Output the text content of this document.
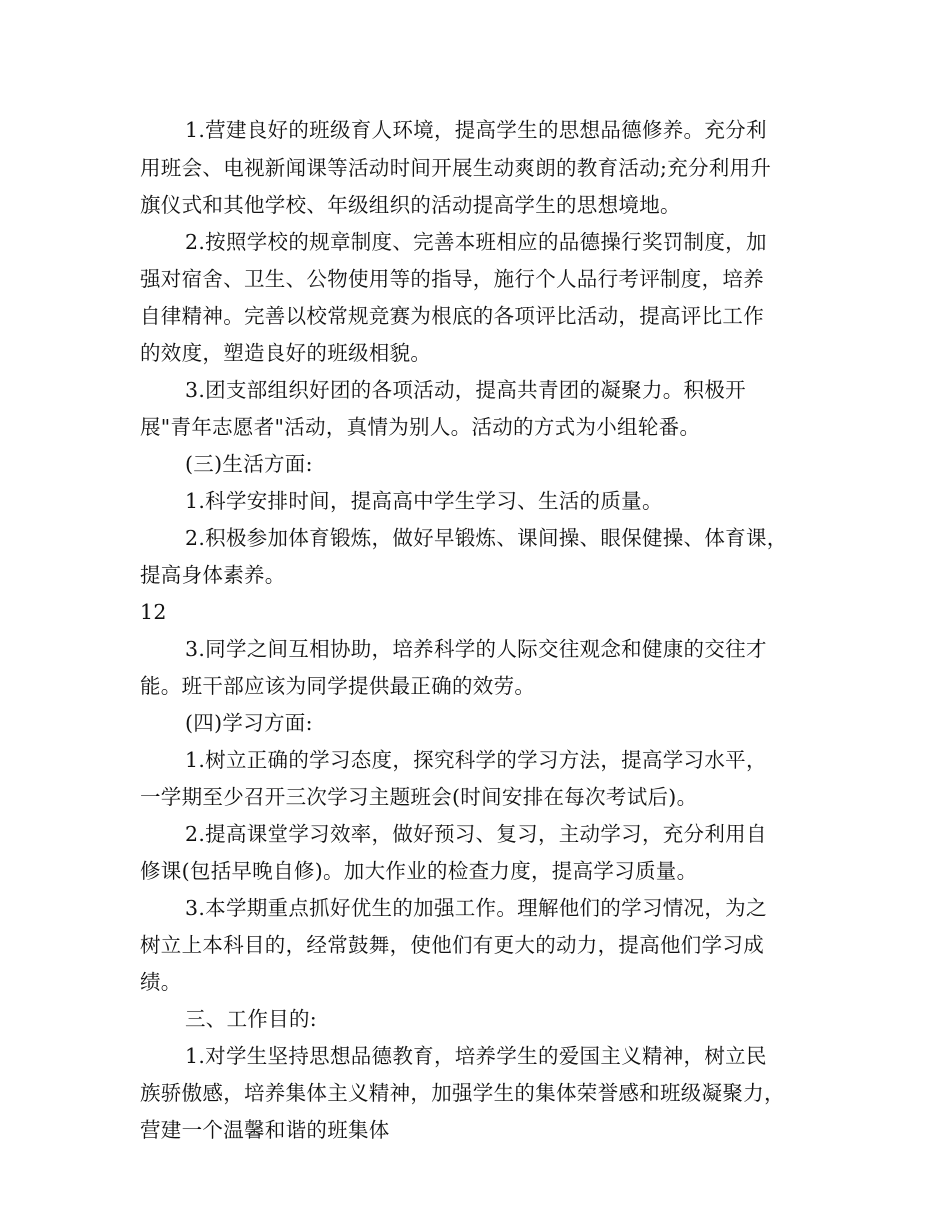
1.营建良好的班级育人环境，提高学生的思想品德修养。充分利
用班会、电视新闻课等活动时间开展生动爽朗的教育活动;充分利用升
旗仪式和其他学校、年级组织的活动提高学生的思想境地。
2.按照学校的规章制度、完善本班相应的品德操行奖罚制度，加
强对宿舍、卫生、公物使用等的指导，施行个人品行考评制度，培养
自律精神。完善以校常规竞赛为根底的各项评比活动，提高评比工作
的效度，塑造良好的班级相貌。
3.团支部组织好团的各项活动，提高共青团的凝聚力。积极开
展"青年志愿者"活动，真情为别人。活动的方式为小组轮番。
(三)生活方面:
1.科学安排时间，提高高中学生学习、生活的质量。
2.积极参加体育锻炼，做好早锻炼、课间操、眼保健操、体育课，
提高身体素养。
12
3.同学之间互相协助，培养科学的人际交往观念和健康的交往才
能。班干部应该为同学提供最正确的效劳。
(四)学习方面:
1.树立正确的学习态度，探究科学的学习方法，提高学习水平，
一学期至少召开三次学习主题班会(时间安排在每次考试后)。
2.提高课堂学习效率，做好预习、复习，主动学习，充分利用自
修课(包括早晚自修)。加大作业的检查力度，提高学习质量。
3.本学期重点抓好优生的加强工作。理解他们的学习情况，为之
树立上本科目的，经常鼓舞，使他们有更大的动力，提高他们学习成
绩。
三、工作目的:
1.对学生坚持思想品德教育，培养学生的爱国主义精神，树立民
族骄傲感，培养集体主义精神，加强学生的集体荣誉感和班级凝聚力，
营建一个温馨和谐的班集体
